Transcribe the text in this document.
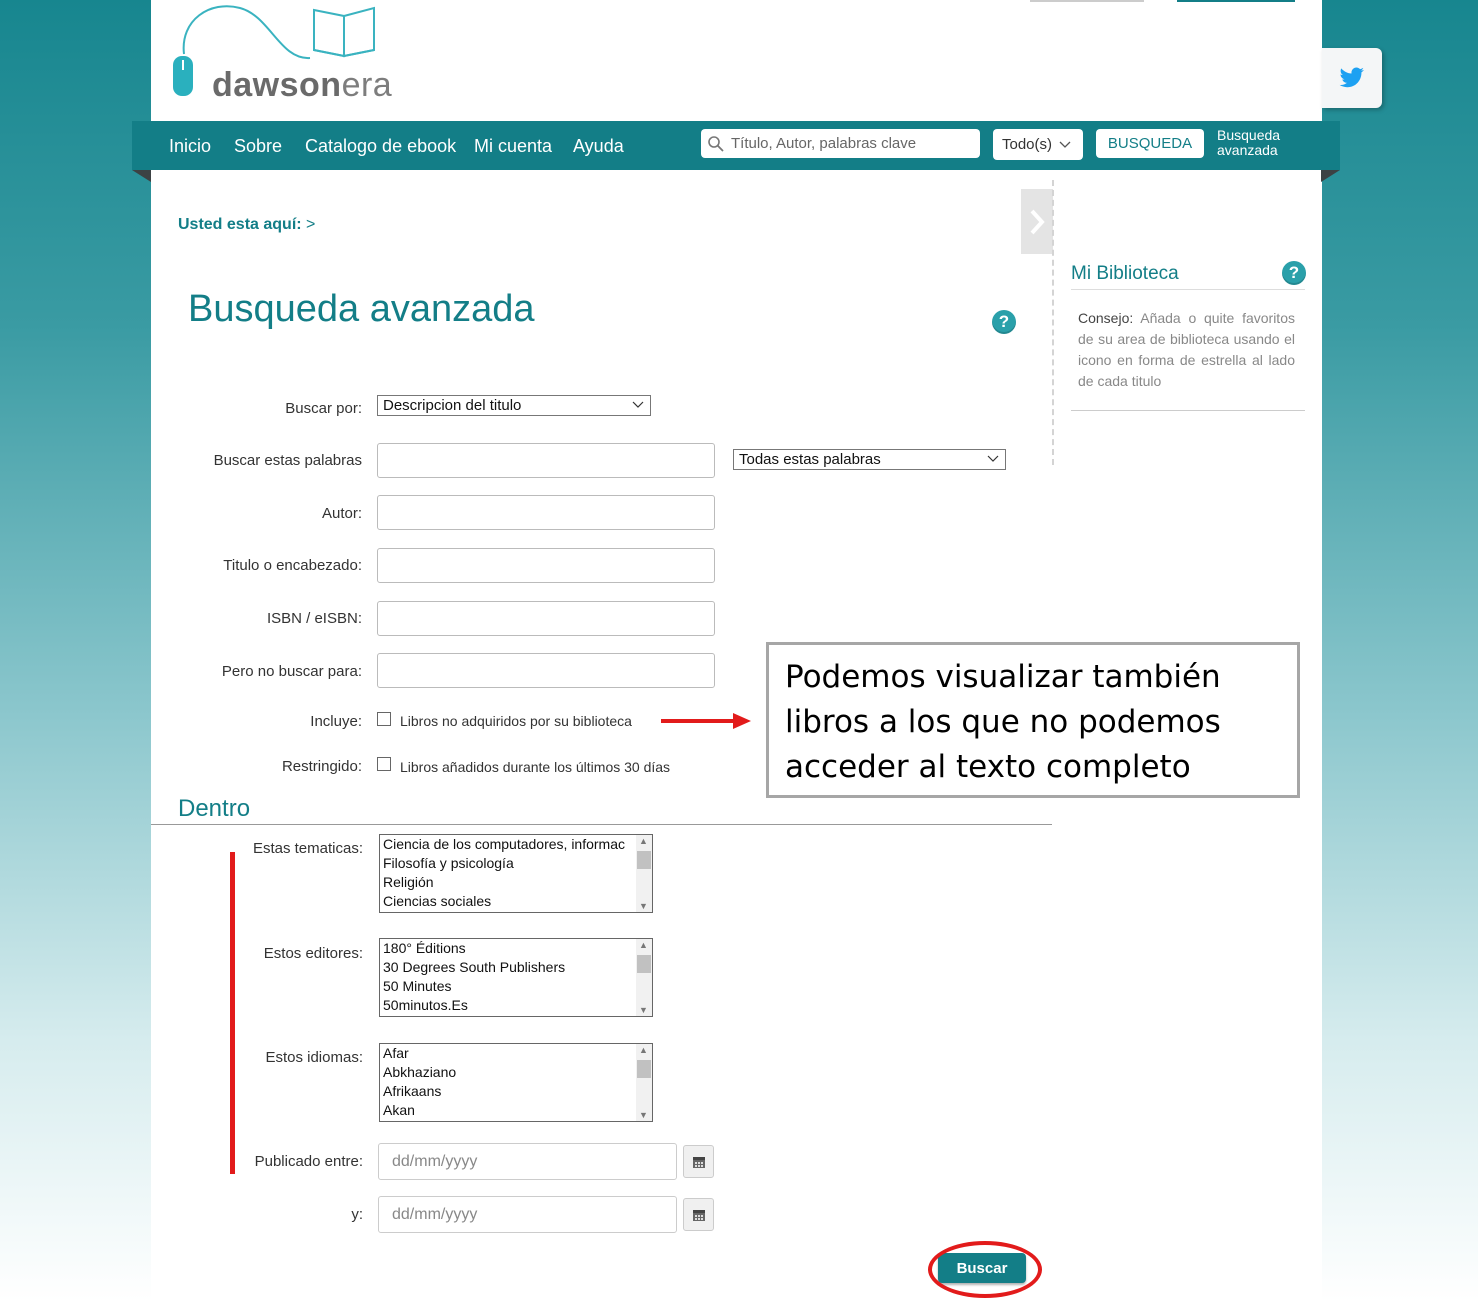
dawsonera
Inicio Sobre Catalogo de ebook Mi cuenta Ayuda
Título, Autor, palabras clave	Todo(s)	BUSQUEDA	Busqueda
avanzada
Usted esta aquí: >
Busqueda avanzada	?
Mi Biblioteca	?
Consejo: Añada o quite favoritos de su area de biblioteca usando el icono en forma de estrella al lado de cada titulo
Buscar por: Descripcion del titulo
Buscar estas palabras	Todas estas palabras
Autor:
Titulo o encabezado:
ISBN / eISBN:
Pero no buscar para:
Incluye:	Libros no adquiridos por su biblioteca
Restringido:	Libros añadidos durante los últimos 30 días
Dentro
Estas tematicas: Ciencia de los computadores, informac
Filosofía y psicología
Religión
Ciencias sociales
▲
▼
Estos editores: 180° Éditions
30 Degrees South Publishers
50 Minutes
50minutos.Es
▲
▼
Estos idiomas: Afar
Abkhaziano
Afrikaans
Akan
▲
▼
Publicado entre:
dd/mm/yyyy
y:
dd/mm/yyyy
Buscar
Podemos visualizar también
libros a los que no podemos
acceder al texto completo
